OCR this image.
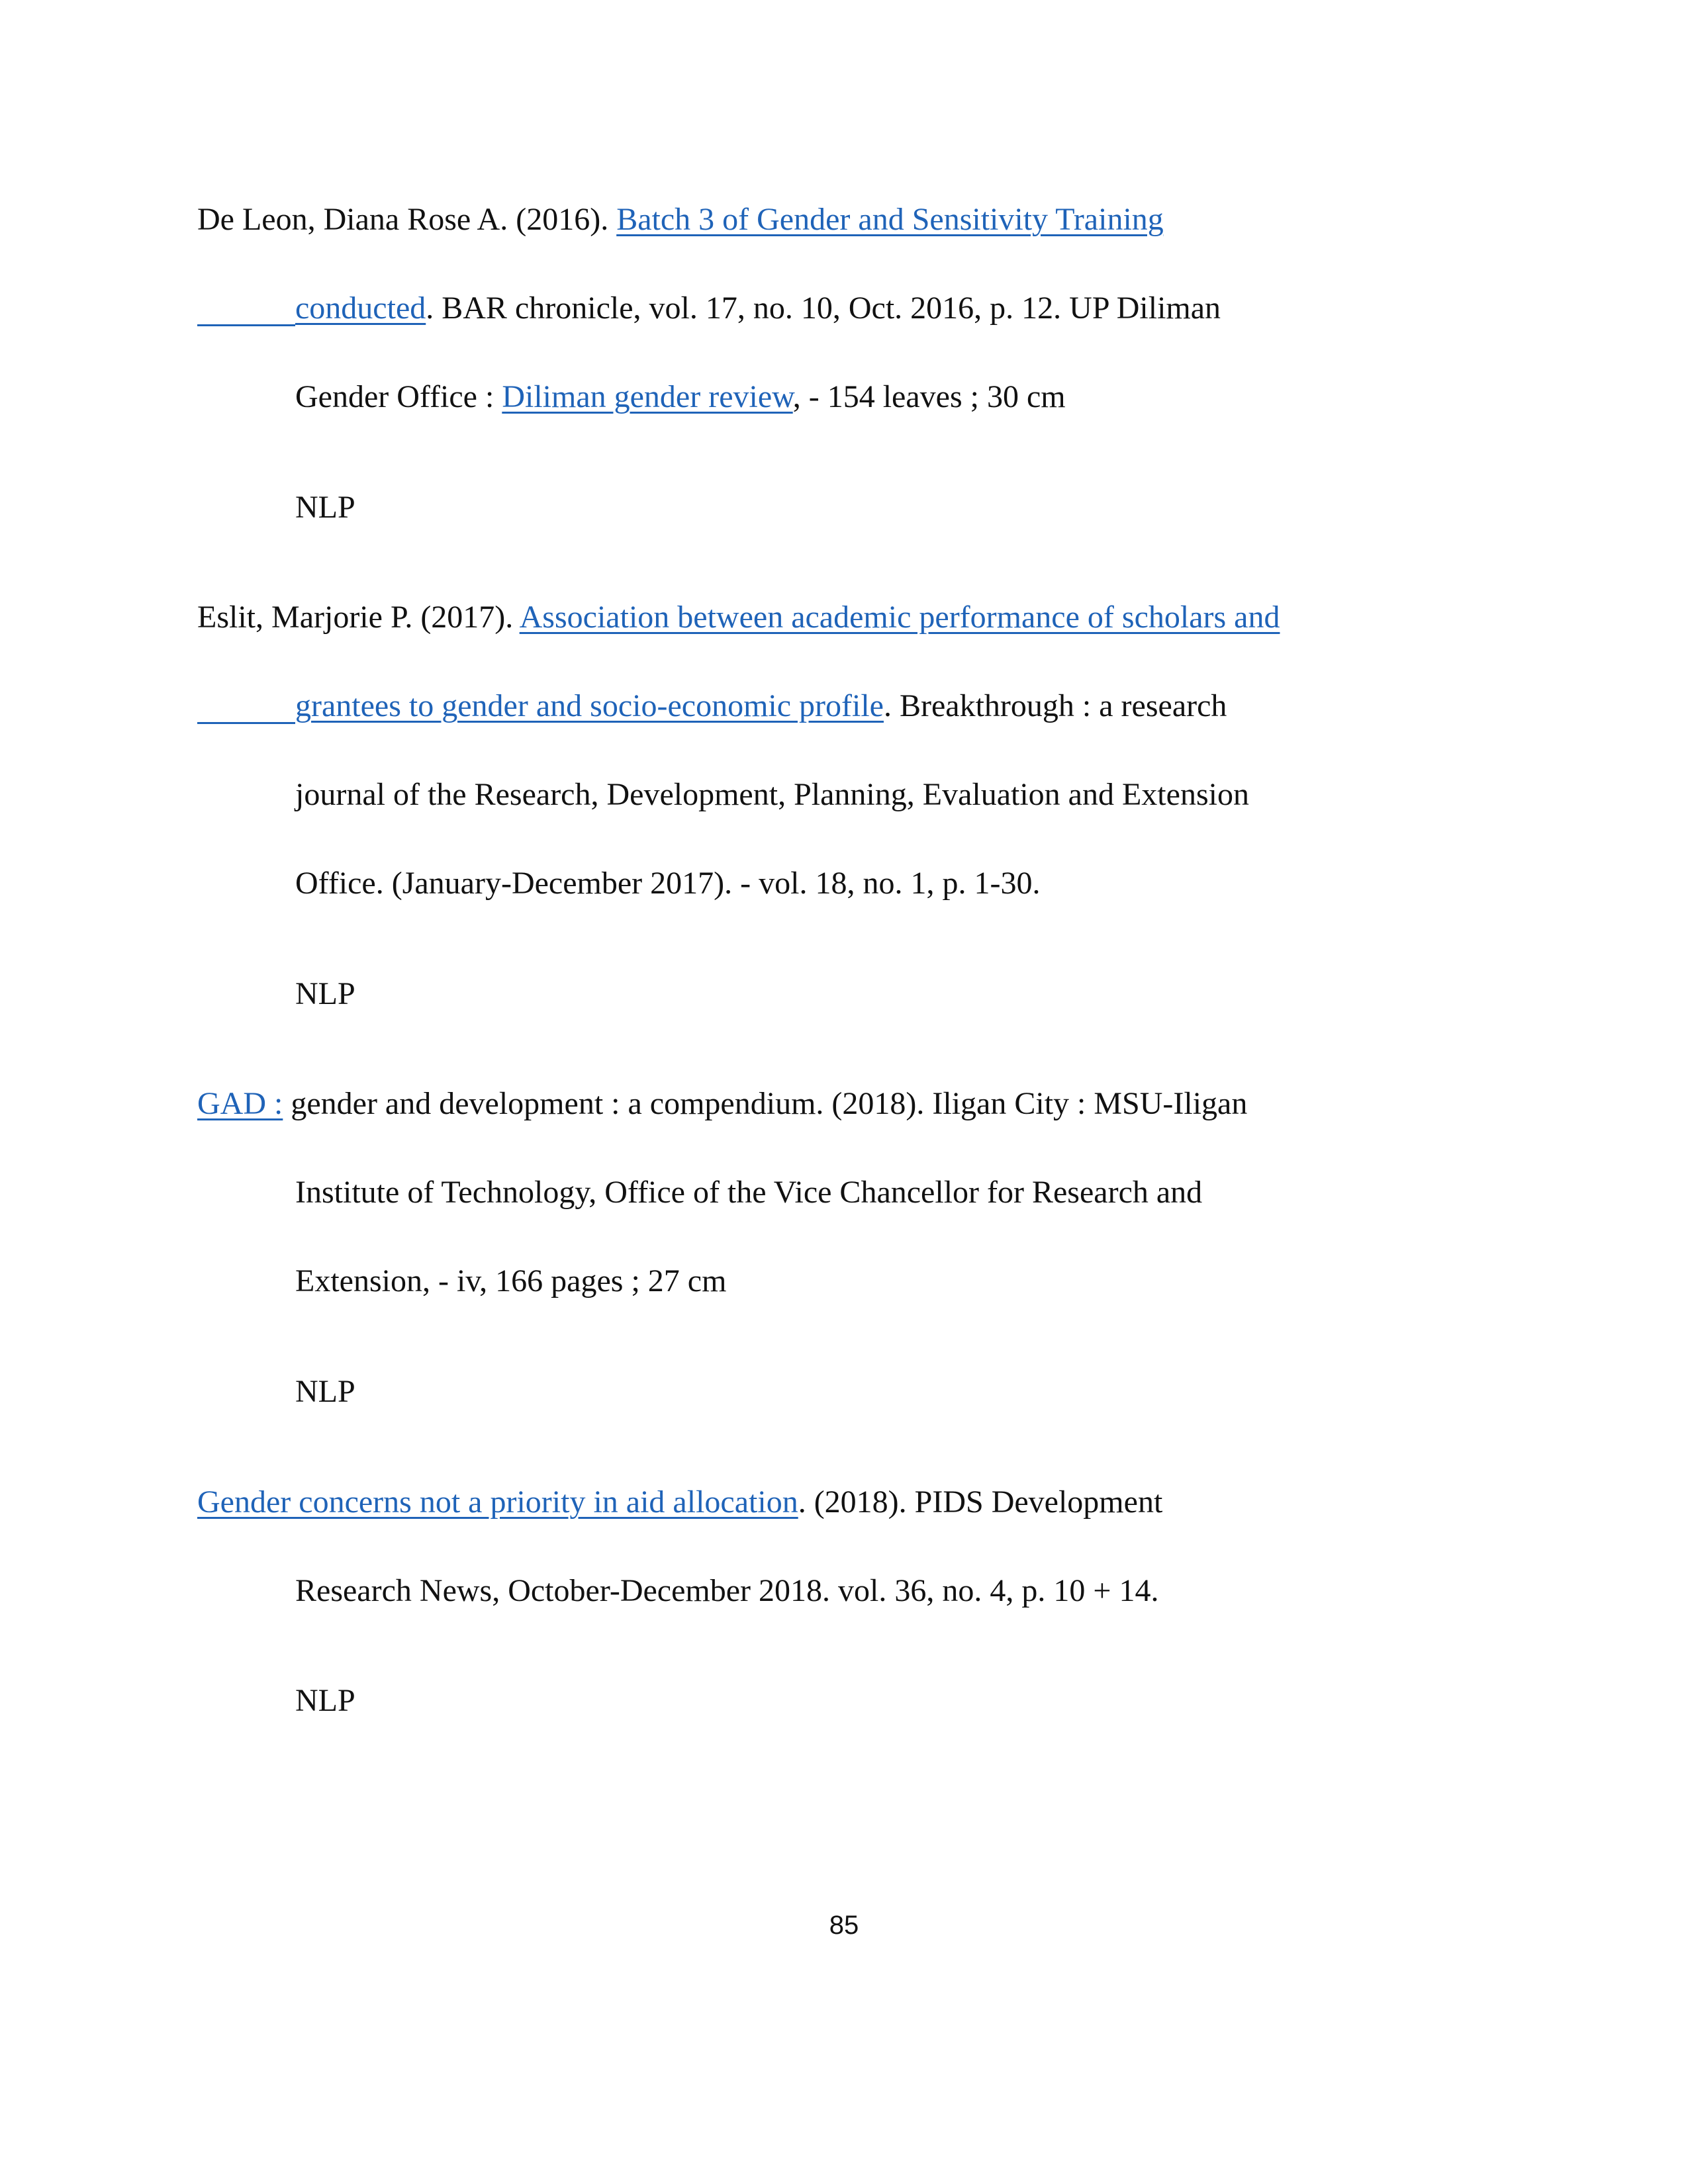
De Leon, Diana Rose A. (2016). Batch 3 of Gender and Sensitivity Training
conducted. BAR chronicle, vol. 17, no. 10, Oct. 2016, p. 12. UP Diliman
Gender Office : Diliman gender review, - 154 leaves ; 30 cm
NLP
Eslit, Marjorie P. (2017). Association between academic performance of scholars and
grantees to gender and socio-economic profile. Breakthrough : a research
journal of the Research, Development, Planning, Evaluation and Extension
Office. (January-December 2017). - vol. 18, no. 1, p. 1-30.
NLP
GAD : gender and development : a compendium. (2018). Iligan City : MSU-Iligan
Institute of Technology, Office of the Vice Chancellor for Research and
Extension, - iv, 166 pages ; 27 cm
NLP
Gender concerns not a priority in aid allocation. (2018). PIDS Development
Research News, October-December 2018. vol. 36, no. 4, p. 10 + 14.
NLP
85
